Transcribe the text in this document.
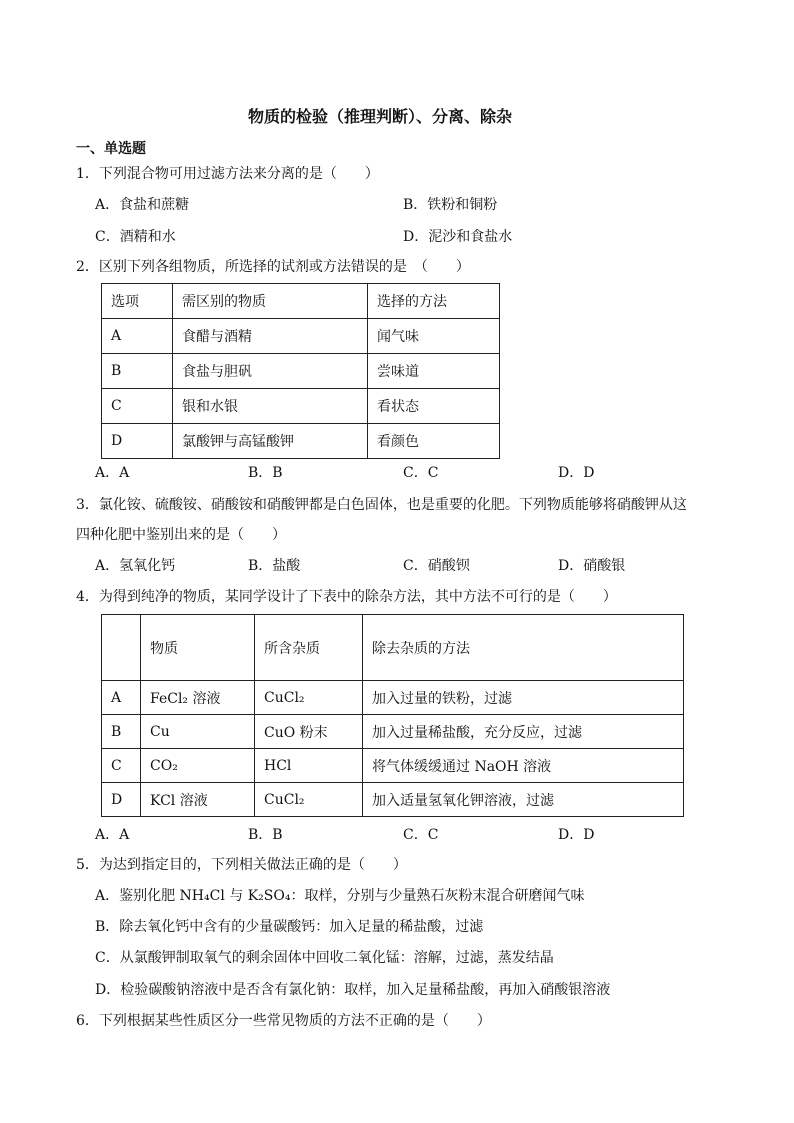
物质的检验（推理判断）、分离、除杂
一、单选题
1．下列混合物可用过滤方法来分离的是（　　）
A．食盐和蔗糖	B．铁粉和铜粉
C．酒精和水	D．泥沙和食盐水
2．区别下列各组物质，所选择的试剂或方法错误的是　（　　）
选项	需区别的物质	选择的方法
A	食醋与酒精	闻气味
B	食盐与胆矾	尝味道
C	银和水银	看状态
D	氯酸钾与高锰酸钾	看颜色
A．A	B．B	C．C	D．D
3．氯化铵、硫酸铵、硝酸铵和硝酸钾都是白色固体，也是重要的化肥。下列物质能够将硝酸钾从这
四种化肥中鉴别出来的是（　　）
A．氢氧化钙	B．盐酸	C．硝酸钡	D．硝酸银
4．为得到纯净的物质，某同学设计了下表中的除杂方法，其中方法不可行的是（　　）
	物质	所含杂质	除去杂质的方法
A	FeCl₂ 溶液	CuCl₂	加入过量的铁粉，过滤
B	Cu	CuO 粉末	加入过量稀盐酸，充分反应，过滤
C	CO₂	HCl	将气体缓缓通过 NaOH 溶液
D	KCl 溶液	CuCl₂	加入适量氢氧化钾溶液，过滤
A．A	B．B	C．C	D．D
5．为达到指定目的，下列相关做法正确的是（　　）
A．鉴别化肥 NH₄Cl 与 K₂SO₄：取样，分别与少量熟石灰粉末混合研磨闻气味
B．除去氧化钙中含有的少量碳酸钙：加入足量的稀盐酸，过滤
C．从氯酸钾制取氧气的剩余固体中回收二氧化锰：溶解，过滤，蒸发结晶
D．检验碳酸钠溶液中是否含有氯化钠：取样，加入足量稀盐酸，再加入硝酸银溶液
6．下列根据某些性质区分一些常见物质的方法不正确的是（　　）
